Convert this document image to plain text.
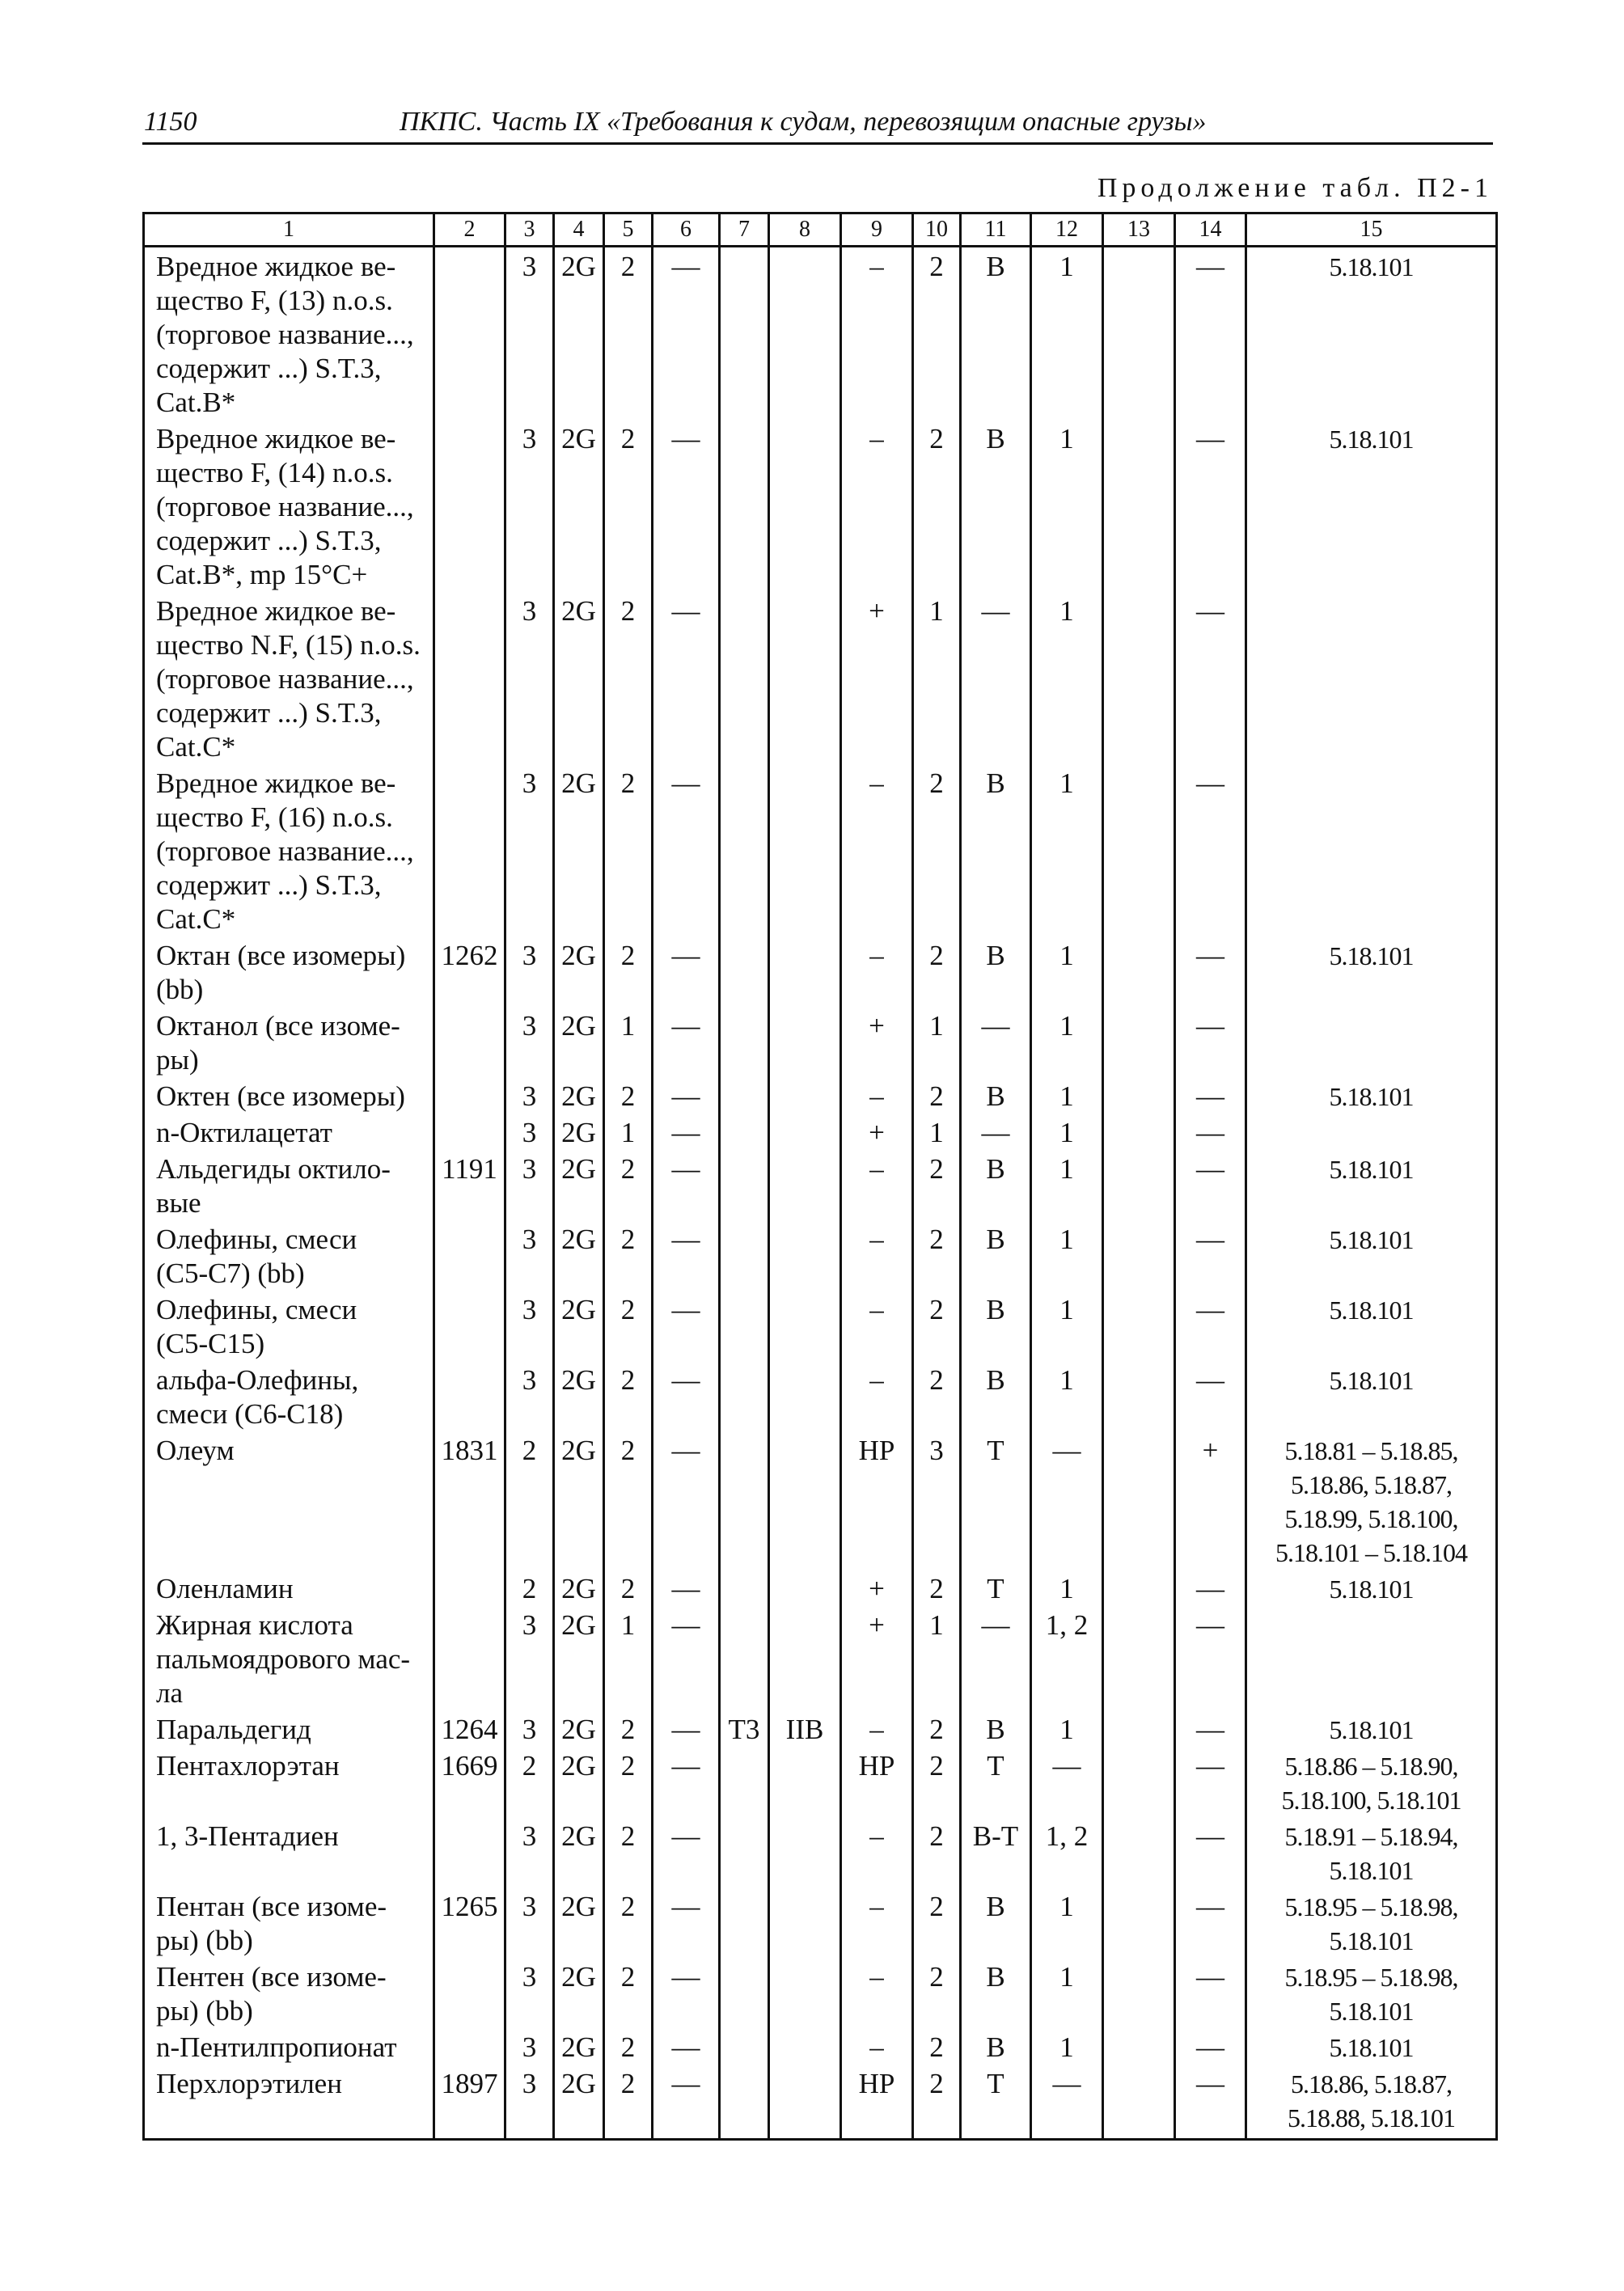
1150	ПКПС. Часть IX «Требования к судам, перевозящим опасные грузы»
Продолжение табл. П2-1
1	2	3	4	5	6	7	8	9	10	11	12	13	14	15
Вредное жидкое ве-
щество F, (13) n.o.s.
(торговое название...,
содержит ...) S.T.3,
Cat.B*		3	2G	2	—			–	2	B	1		—	5.18.101
Вредное жидкое ве-
щество F, (14) n.o.s.
(торговое название...,
содержит ...) S.T.3,
Cat.B*, mp 15°C+		3	2G	2	—			–	2	B	1		—	5.18.101
Вредное жидкое ве-
щество N.F, (15) n.o.s.
(торговое название...,
содержит ...) S.T.3,
Cat.C*		3	2G	2	—			+	1	—	1		—	
Вредное жидкое ве-
щество F, (16) n.o.s.
(торговое название...,
содержит ...) S.T.3,
Cat.C*		3	2G	2	—			–	2	B	1		—	
Октан (все изомеры)
(bb)	1262	3	2G	2	—			–	2	B	1		—	5.18.101
Октанол (все изоме-
ры)		3	2G	1	—			+	1	—	1		—	
Октен (все изомеры)		3	2G	2	—			–	2	B	1		—	5.18.101
n-Октилацетат		3	2G	1	—			+	1	—	1		—	
Альдегиды октило-
вые	1191	3	2G	2	—			–	2	B	1		—	5.18.101
Олефины, смеси
(C5-C7) (bb)		3	2G	2	—			–	2	B	1		—	5.18.101
Олефины, смеси
(C5-C15)		3	2G	2	—			–	2	B	1		—	5.18.101
альфа-Олефины,
смеси (C6-C18)		3	2G	2	—			–	2	B	1		—	5.18.101
Олеум	1831	2	2G	2	—			НР	3	T	—		+	5.18.81 – 5.18.85,
5.18.86, 5.18.87,
5.18.99, 5.18.100,
5.18.101 – 5.18.104
Оленламин		2	2G	2	—			+	2	T	1		—	5.18.101
Жирная кислота
пальмоядрового мас-
ла		3	2G	1	—			+	1	—	1, 2		—	
Паральдегид	1264	3	2G	2	—	T3	IIB	–	2	B	1		—	5.18.101
Пентахлорэтан	1669	2	2G	2	—			НР	2	T	—		—	5.18.86 – 5.18.90,
5.18.100, 5.18.101
1, 3-Пентадиен		3	2G	2	—			–	2	B-T	1, 2		—	5.18.91 – 5.18.94,
5.18.101
Пентан (все изоме-
ры) (bb)	1265	3	2G	2	—			–	2	B	1		—	5.18.95 – 5.18.98,
5.18.101
Пентен (все изоме-
ры) (bb)		3	2G	2	—			–	2	B	1		—	5.18.95 – 5.18.98,
5.18.101
n-Пентилпропионат		3	2G	2	—			–	2	B	1		—	5.18.101
Перхлорэтилен	1897	3	2G	2	—			НР	2	T	—		—	5.18.86, 5.18.87,
5.18.88, 5.18.101
